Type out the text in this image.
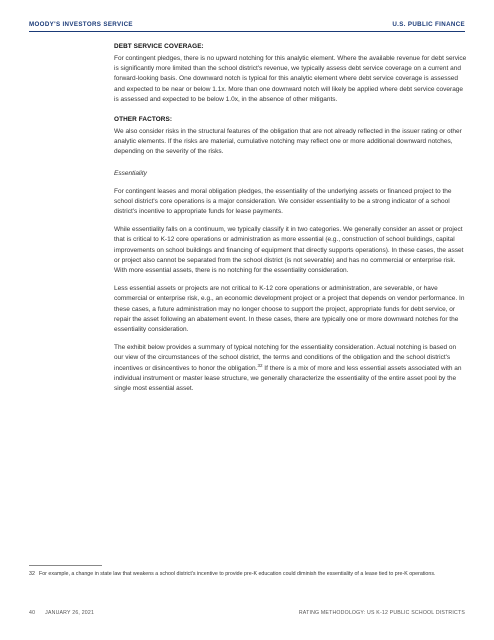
MOODY'S INVESTORS SERVICE	U.S. PUBLIC FINANCE
DEBT SERVICE COVERAGE:

For contingent pledges, there is no upward notching for this analytic element. Where the available revenue for debt service is significantly more limited than the school district's revenue, we typically assess debt service coverage on a current and forward-looking basis. One downward notch is typical for this analytic element where debt service coverage is assessed and expected to be near or below 1.1x. More than one downward notch will likely be applied where debt service coverage is assessed and expected to be below 1.0x, in the absence of other mitigants.

OTHER FACTORS:

We also consider risks in the structural features of the obligation that are not already reflected in the issuer rating or other analytic elements. If the risks are material, cumulative notching may reflect one or more additional downward notches, depending on the severity of the risks.

Essentiality

For contingent leases and moral obligation pledges, the essentiality of the underlying assets or financed project to the school district's core operations is a major consideration. We consider essentiality to be a strong indicator of a school district's incentive to appropriate funds for lease payments.

While essentiality falls on a continuum, we typically classify it in two categories. We generally consider an asset or project that is critical to K-12 core operations or administration as more essential (e.g., construction of school buildings, capital improvements on school buildings and financing of equipment that directly supports operations). In these cases, the asset or project also cannot be separated from the school district (is not severable) and has no commercial or enterprise risk. With more essential assets, there is no notching for the essentiality consideration.

Less essential assets or projects are not critical to K-12 core operations or administration, are severable, or have commercial or enterprise risk, e.g., an economic development project or a project that depends on vendor performance. In these cases, a future administration may no longer choose to support the project, appropriate funds for debt service, or repair the asset following an abatement event. In these cases, there are typically one or more downward notches for the essentiality consideration.

The exhibit below provides a summary of typical notching for the essentiality consideration. Actual notching is based on our view of the circumstances of the school district, the terms and conditions of the obligation and the school district's incentives or disincentives to honor the obligation.$^{32}$ If there is a mix of more and less essential assets associated with an individual instrument or master lease structure, we generally characterize the essentiality of the entire asset pool by the single most essential asset.

32 For example, a change in state law that weakens a school district's incentive to provide pre-K education could diminish the essentiality of a lease tied to pre-K operations.
40 JANUARY 26, 2021	RATING METHODOLOGY: US K-12 PUBLIC SCHOOL DISTRICTS
